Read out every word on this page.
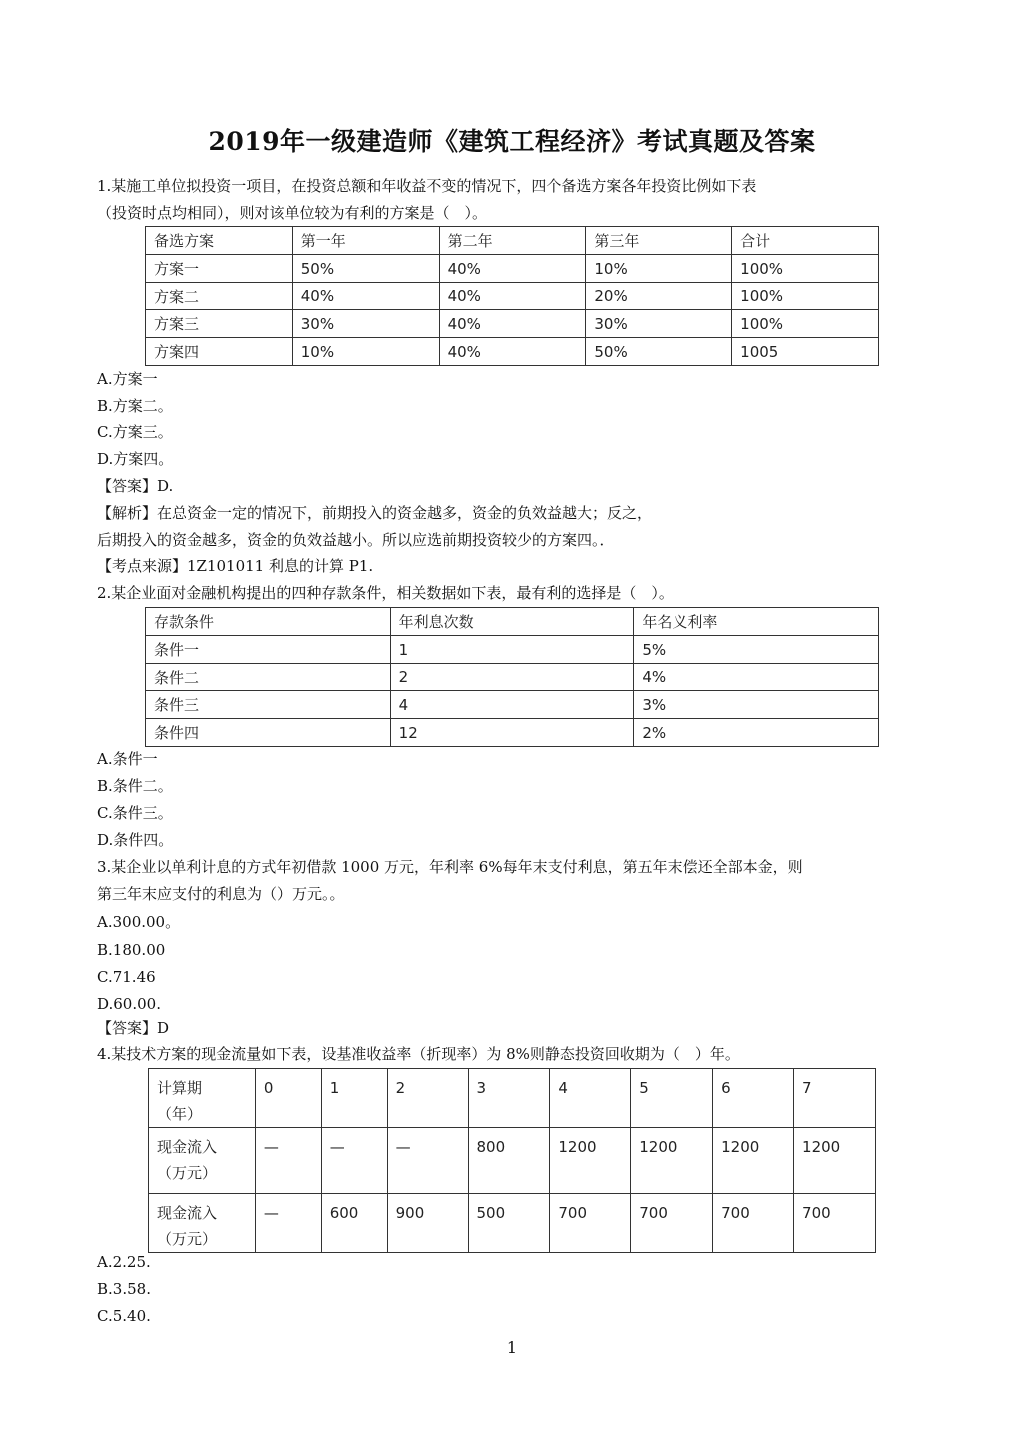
2019年一级建造师《建筑工程经济》考试真题及答案
1.某施工单位拟投资一项目，在投资总额和年收益不变的情况下，四个备选方案各年投资比例如下表
（投资时点均相同），则对该单位较为有利的方案是（　）。
备选方案	第一年	第二年	第三年	合计
方案一	50%	40%	10%	100%
方案二	40%	40%	20%	100%
方案三	30%	40%	30%	100%
方案四	10%	40%	50%	1005
A.方案一
B.方案二。
C.方案三。
D.方案四。
【答案】D.
【解析】在总资金一定的情况下，前期投入的资金越多，资金的负效益越大；反之，
后期投入的资金越多，资金的负效益越小。所以应选前期投资较少的方案四。．
【考点来源】1Z101011 利息的计算 P1.
2.某企业面对金融机构提出的四种存款条件，相关数据如下表，最有利的选择是（　）。
存款条件	年利息次数	年名义利率
条件一	1	5%
条件二	2	4%
条件三	4	3%
条件四	12	2%
A.条件一
B.条件二。
C.条件三。
D.条件四。
3.某企业以单利计息的方式年初借款 1000 万元，年利率 6%每年末支付利息，第五年末偿还全部本金，则
第三年末应支付的利息为（）万元。。
A.300.00。
B.180.00
C.71.46
D.60.00.
【答案】D
4.某技术方案的现金流量如下表，设基准收益率（折现率）为 8%则静态投资回收期为（　）年。
计算期
（年）	0	1	2	3	4	5	6	7
现金流入
（万元）	—	—	—	800	1200	1200	1200	1200
现金流入
（万元）	—	600	900	500	700	700	700	700
A.2.25.
B.3.58.
C.5.40.
1
